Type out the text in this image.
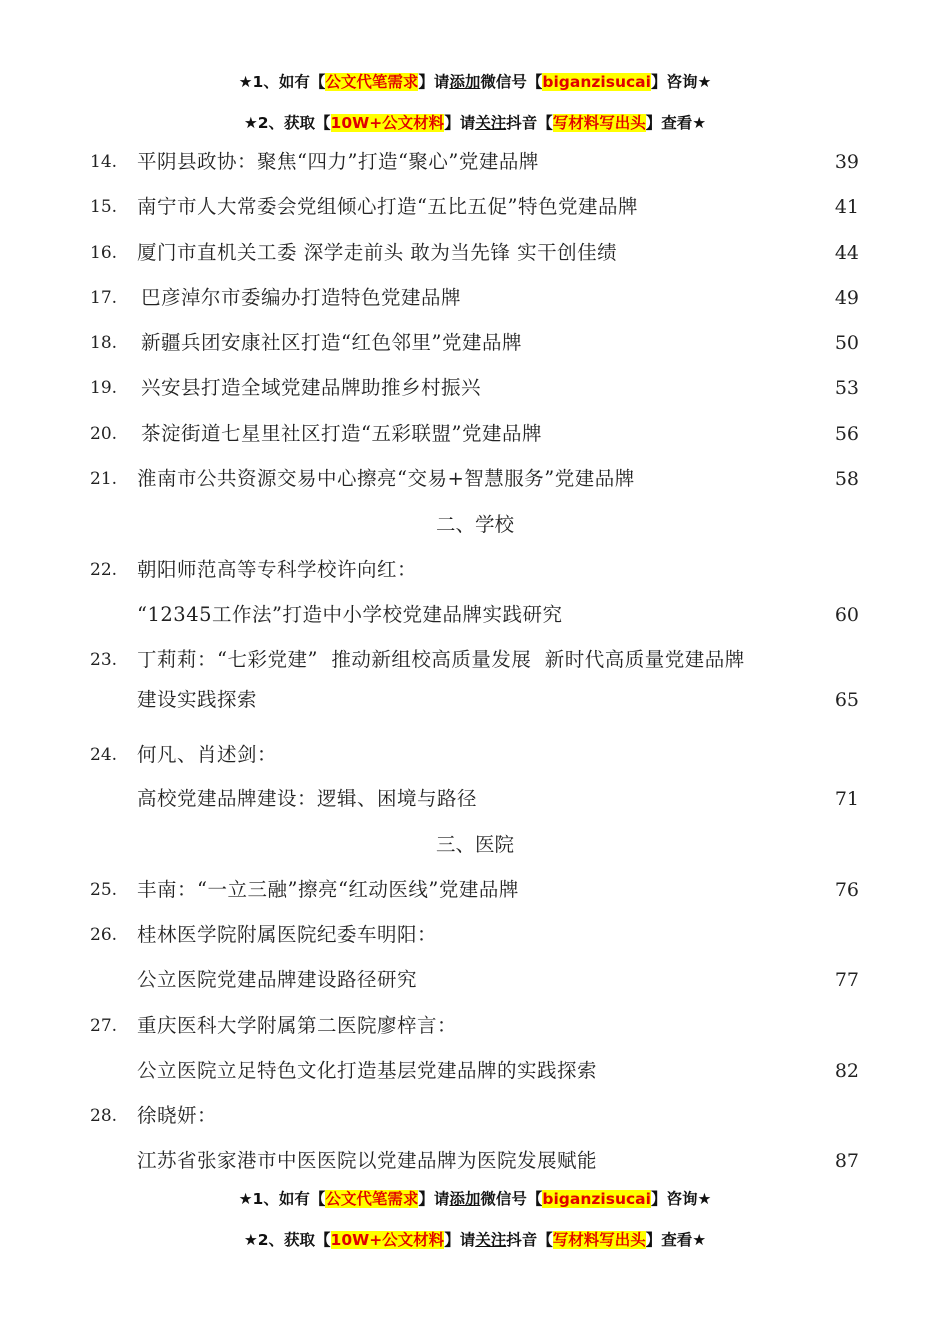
★1、如有【公文代笔需求】请添加微信号【biganzisucai】咨询★
★2、获取【10W+公文材料】请关注抖音【写材料写出头】查看★
14. 平阴县政协：聚焦“四力”打造“聚心”党建品牌	39
15. 南宁市人大常委会党组倾心打造“五比五促”特色党建品牌	41
16. 厦门市直机关工委 深学走前头 敢为当先锋 实干创佳绩	44
17. 巴彦淖尔市委编办打造特色党建品牌	49
18. 新疆兵团安康社区打造“红色邻里”党建品牌	50
19. 兴安县打造全域党建品牌助推乡村振兴	53
20. 茶淀街道七星里社区打造“五彩联盟”党建品牌	56
21. 淮南市公共资源交易中心擦亮“交易+智慧服务”党建品牌	58
二、学校
22. 朝阳师范高等专科学校许向红：
“12345工作法”打造中小学校党建品牌实践研究	60
23. 丁莉莉：“七彩党建”  推动新组校高质量发展  新时代高质量党建品牌
建设实践探索	65
24. 何凡、肖述剑：
高校党建品牌建设：逻辑、困境与路径	71
三、医院
25. 丰南：“一立三融”擦亮“红动医线”党建品牌	76
26. 桂林医学院附属医院纪委车明阳：
公立医院党建品牌建设路径研究	77
27. 重庆医科大学附属第二医院廖梓言：
公立医院立足特色文化打造基层党建品牌的实践探索	82
28. 徐晓妍：
江苏省张家港市中医医院以党建品牌为医院发展赋能	87
★1、如有【公文代笔需求】请添加微信号【biganzisucai】咨询★
★2、获取【10W+公文材料】请关注抖音【写材料写出头】查看★
